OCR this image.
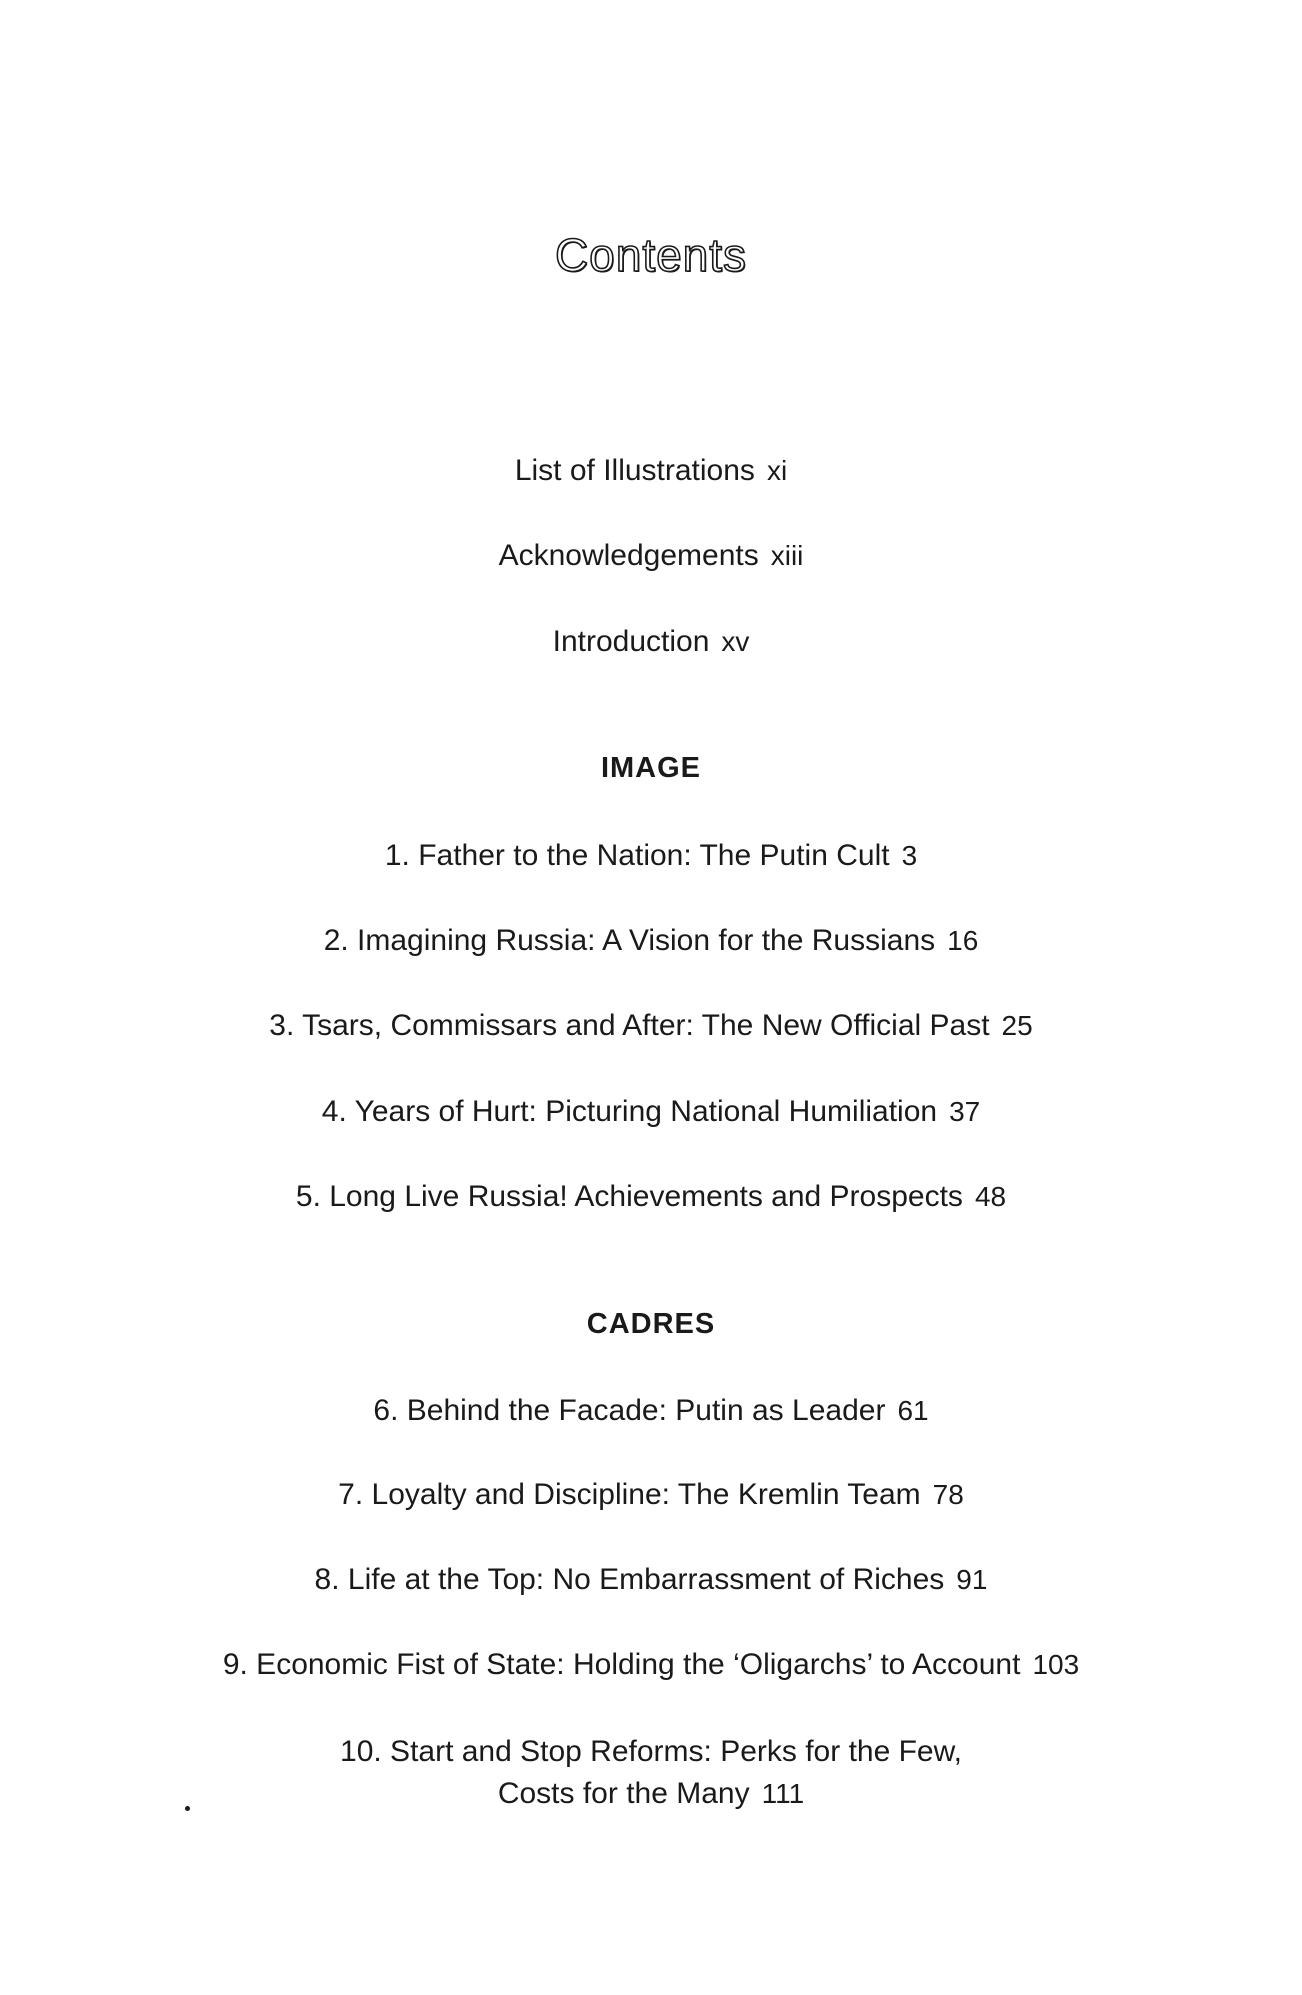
Contents
List of Illustrations xi
Acknowledgements xiii
Introduction xv
IMAGE
1. Father to the Nation: The Putin Cult 3
2. Imagining Russia: A Vision for the Russians 16
3. Tsars, Commissars and After: The New Official Past 25
4. Years of Hurt: Picturing National Humiliation 37
5. Long Live Russia! Achievements and Prospects 48
CADRES
6. Behind the Facade: Putin as Leader 61
7. Loyalty and Discipline: The Kremlin Team 78
8. Life at the Top: No Embarrassment of Riches 91
9. Economic Fist of State: Holding the ‘Oligarchs’ to Account 103
10. Start and Stop Reforms: Perks for the Few,
Costs for the Many 111
